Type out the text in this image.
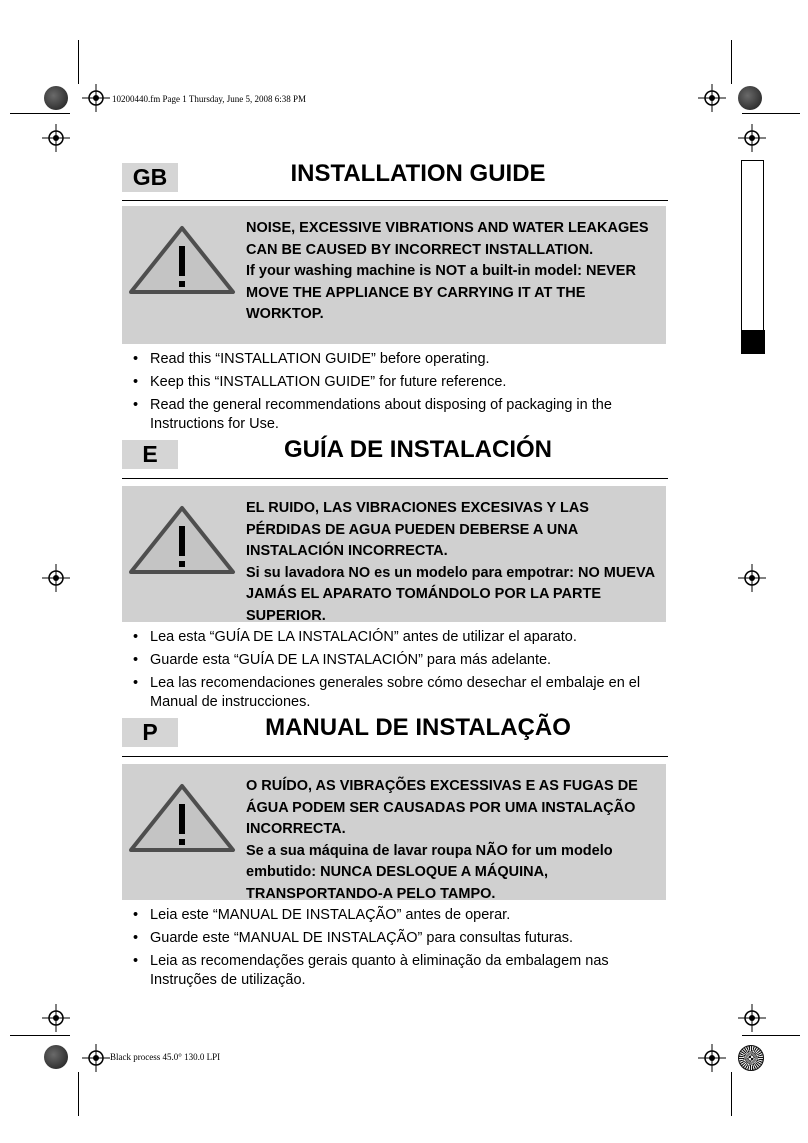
10200440.fm Page 1 Thursday, June 5, 2008 6:38 PM
Black process 45.0° 130.0 LPI
GB	INSTALLATION GUIDE

NOISE, EXCESSIVE VIBRATIONS AND WATER LEAKAGES CAN BE CAUSED BY INCORRECT INSTALLATION.

If your washing machine is NOT a built-in model: NEVER MOVE THE APPLIANCE BY CARRYING IT AT THE WORKTOP.

• Read this “INSTALLATION GUIDE” before operating.
• Keep this “INSTALLATION GUIDE” for future reference.
• Read the general recommendations about disposing of packaging in the Instructions for Use.
E	GUÍA DE INSTALACIÓN

EL RUIDO, LAS VIBRACIONES EXCESIVAS Y LAS PÉRDIDAS DE AGUA PUEDEN DEBERSE A UNA INSTALACIÓN INCORRECTA.

Si su lavadora NO es un modelo para empotrar: NO MUEVA JAMÁS EL APARATO TOMÁNDOLO POR LA PARTE SUPERIOR.

• Lea esta “GUÍA DE LA INSTALACIÓN” antes de utilizar el aparato.
• Guarde esta “GUÍA DE LA INSTALACIÓN” para más adelante.
• Lea las recomendaciones generales sobre cómo desechar el embalaje en el Manual de instrucciones.
P	MANUAL DE INSTALAÇÃO

O RUÍDO, AS VIBRAÇÕES EXCESSIVAS E AS FUGAS DE ÁGUA PODEM SER CAUSADAS POR UMA INSTALAÇÃO INCORRECTA.

Se a sua máquina de lavar roupa NÃO for um modelo embutido: NUNCA DESLOQUE A MÁQUINA, TRANSPORTANDO-A PELO TAMPO.

• Leia este “MANUAL DE INSTALAÇÃO” antes de operar.
• Guarde este “MANUAL DE INSTALAÇÃO” para consultas futuras.
• Leia as recomendações gerais quanto à eliminação da embalagem nas Instruções de utilização.
